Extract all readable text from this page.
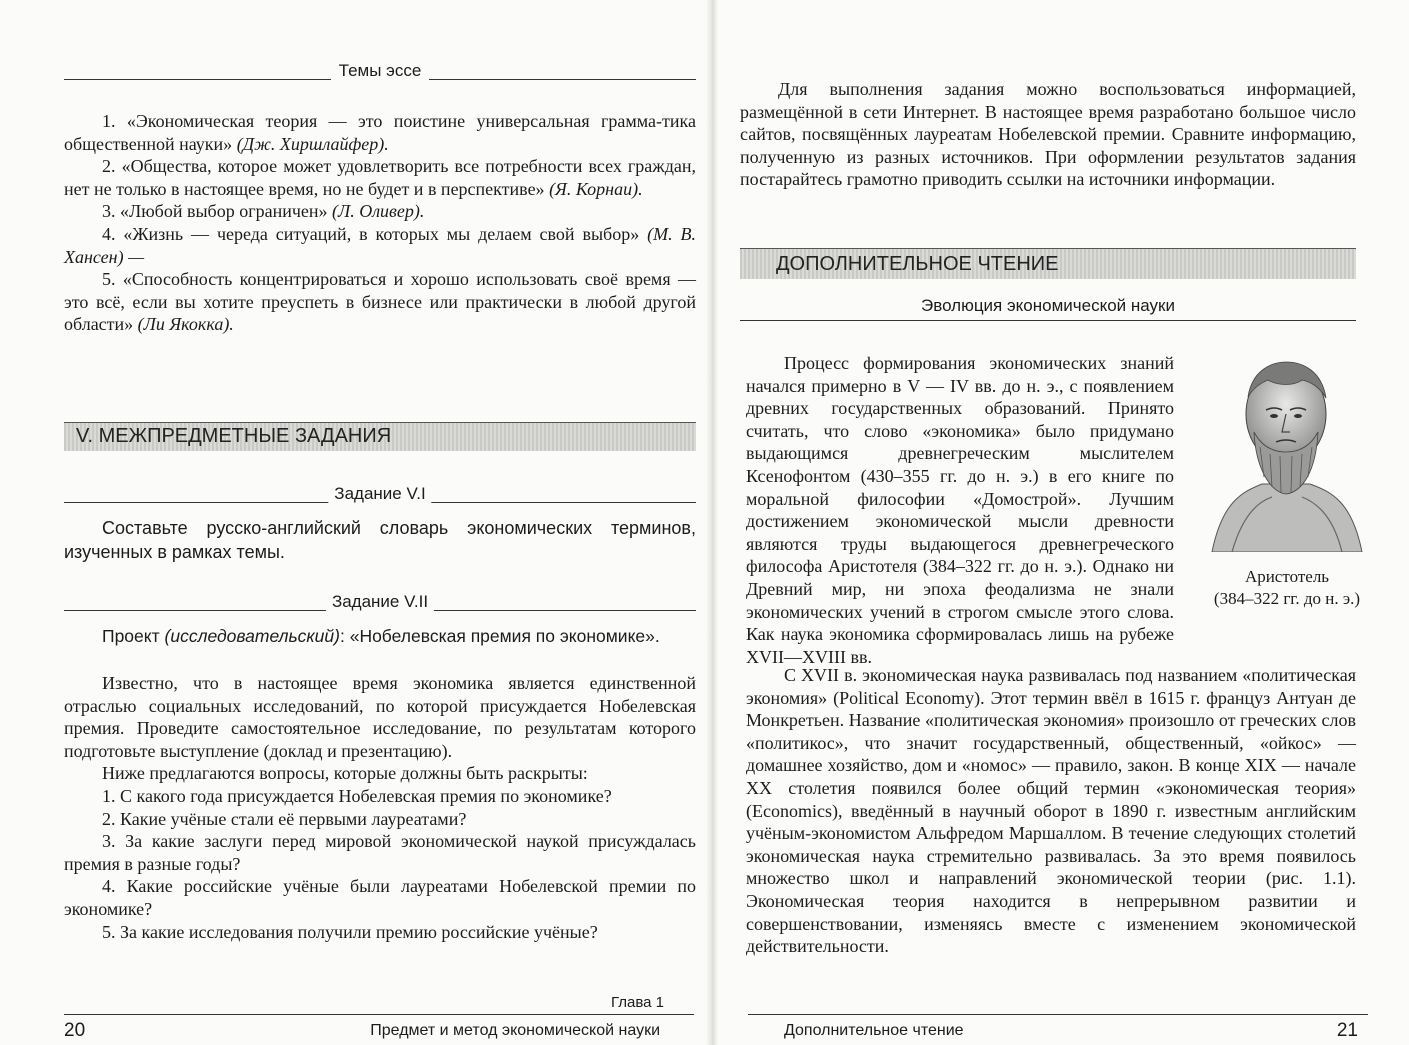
Темы эссе

1. «Экономическая теория — это поистине универсальная грамма-тика общественной науки» (Дж. Хиршлайфер).

2. «Общества, которое может удовлетворить все потребности всех граждан, нет не только в настоящее время, но не будет и в перспективе» (Я. Корнаи).

3. «Любой выбор ограничен» (Л. Оливер).

4. «Жизнь — череда ситуаций, в которых мы делаем свой выбор» (М. В. Хансен) —

5. «Способность концентрироваться и хорошо использовать своё время — это всё, если вы хотите преуспеть в бизнесе или практически в любой другой области» (Ли Якокка).

V. МЕЖПРЕДМЕТНЫЕ ЗАДАНИЯ
Задание V.I

Составьте русско-английский словарь экономических терминов, изученных в рамках темы.

Задание V.II

Проект (исследовательский): «Нобелевская премия по экономике».

Известно, что в настоящее время экономика является единственной отраслью социальных исследований, по которой присуждается Нобелевская премия. Проведите самостоятельное исследование, по результатам которого подготовьте выступление (доклад и презентацию).

Ниже предлагаются вопросы, которые должны быть раскрыты:

1. С какого года присуждается Нобелевская премия по экономике?

2. Какие учёные стали её первыми лауреатами?

3. За какие заслуги перед мировой экономической наукой присуждалась премия в разные годы?

4. Какие российские учёные были лауреатами Нобелевской премии по экономике?

5. За какие исследования получили премию российские учёные?

Глава 1
20	Предмет и метод экономической науки

Для выполнения задания можно воспользоваться информацией, размещённой в сети Интернет. В настоящее время разработано большое число сайтов, посвящённых лауреатам Нобелевской премии. Сравните информацию, полученную из разных источников. При оформлении результатов задания постарайтесь грамотно приводить ссылки на источники информации.

ДОПОЛНИТЕЛЬНОЕ ЧТЕНИЕ
Эволюция экономической науки

Процесс формирования экономических знаний начался примерно в V — IV вв. до н. э., с появлением древних государственных образований. Принято считать, что слово «экономика» было придумано выдающимся древнегреческим мыслителем Ксенофонтом (430–355 гг. до н. э.) в его книге по моральной философии «Домострой». Лучшим достижением экономической мысли древности являются труды выдающегося древнегреческого философа Аристотеля (384–322 гг. до н. э.). Однако ни Древний мир, ни эпоха феодализма не знали экономических учений в строгом смысле этого слова. Как наука экономика сформировалась лишь на рубеже XVII—XVIII вв.

Аристотель
(384–322 гг. до н. э.)

С XVII в. экономическая наука развивалась под названием «политическая экономия» (Political Economy). Этот термин ввёл в 1615 г. француз Антуан де Монкретьен. Название «политическая экономия» произошло от греческих слов «политикос», что значит государственный, общественный, «ойкос» — домашнее хозяйство, дом и «номос» — правило, закон. В конце XIX — начале XX столетия появился более общий термин «экономическая теория» (Economics), введённый в научный оборот в 1890 г. известным английским учёным-экономистом Альфредом Маршаллом. В течение следующих столетий экономическая наука стремительно развивалась. За это время появилось множество школ и направлений экономической теории (рис. 1.1). Экономическая теория находится в непрерывном развитии и совершенствовании, изменяясь вместе с изменением экономической действительности.

Дополнительное чтение	21
